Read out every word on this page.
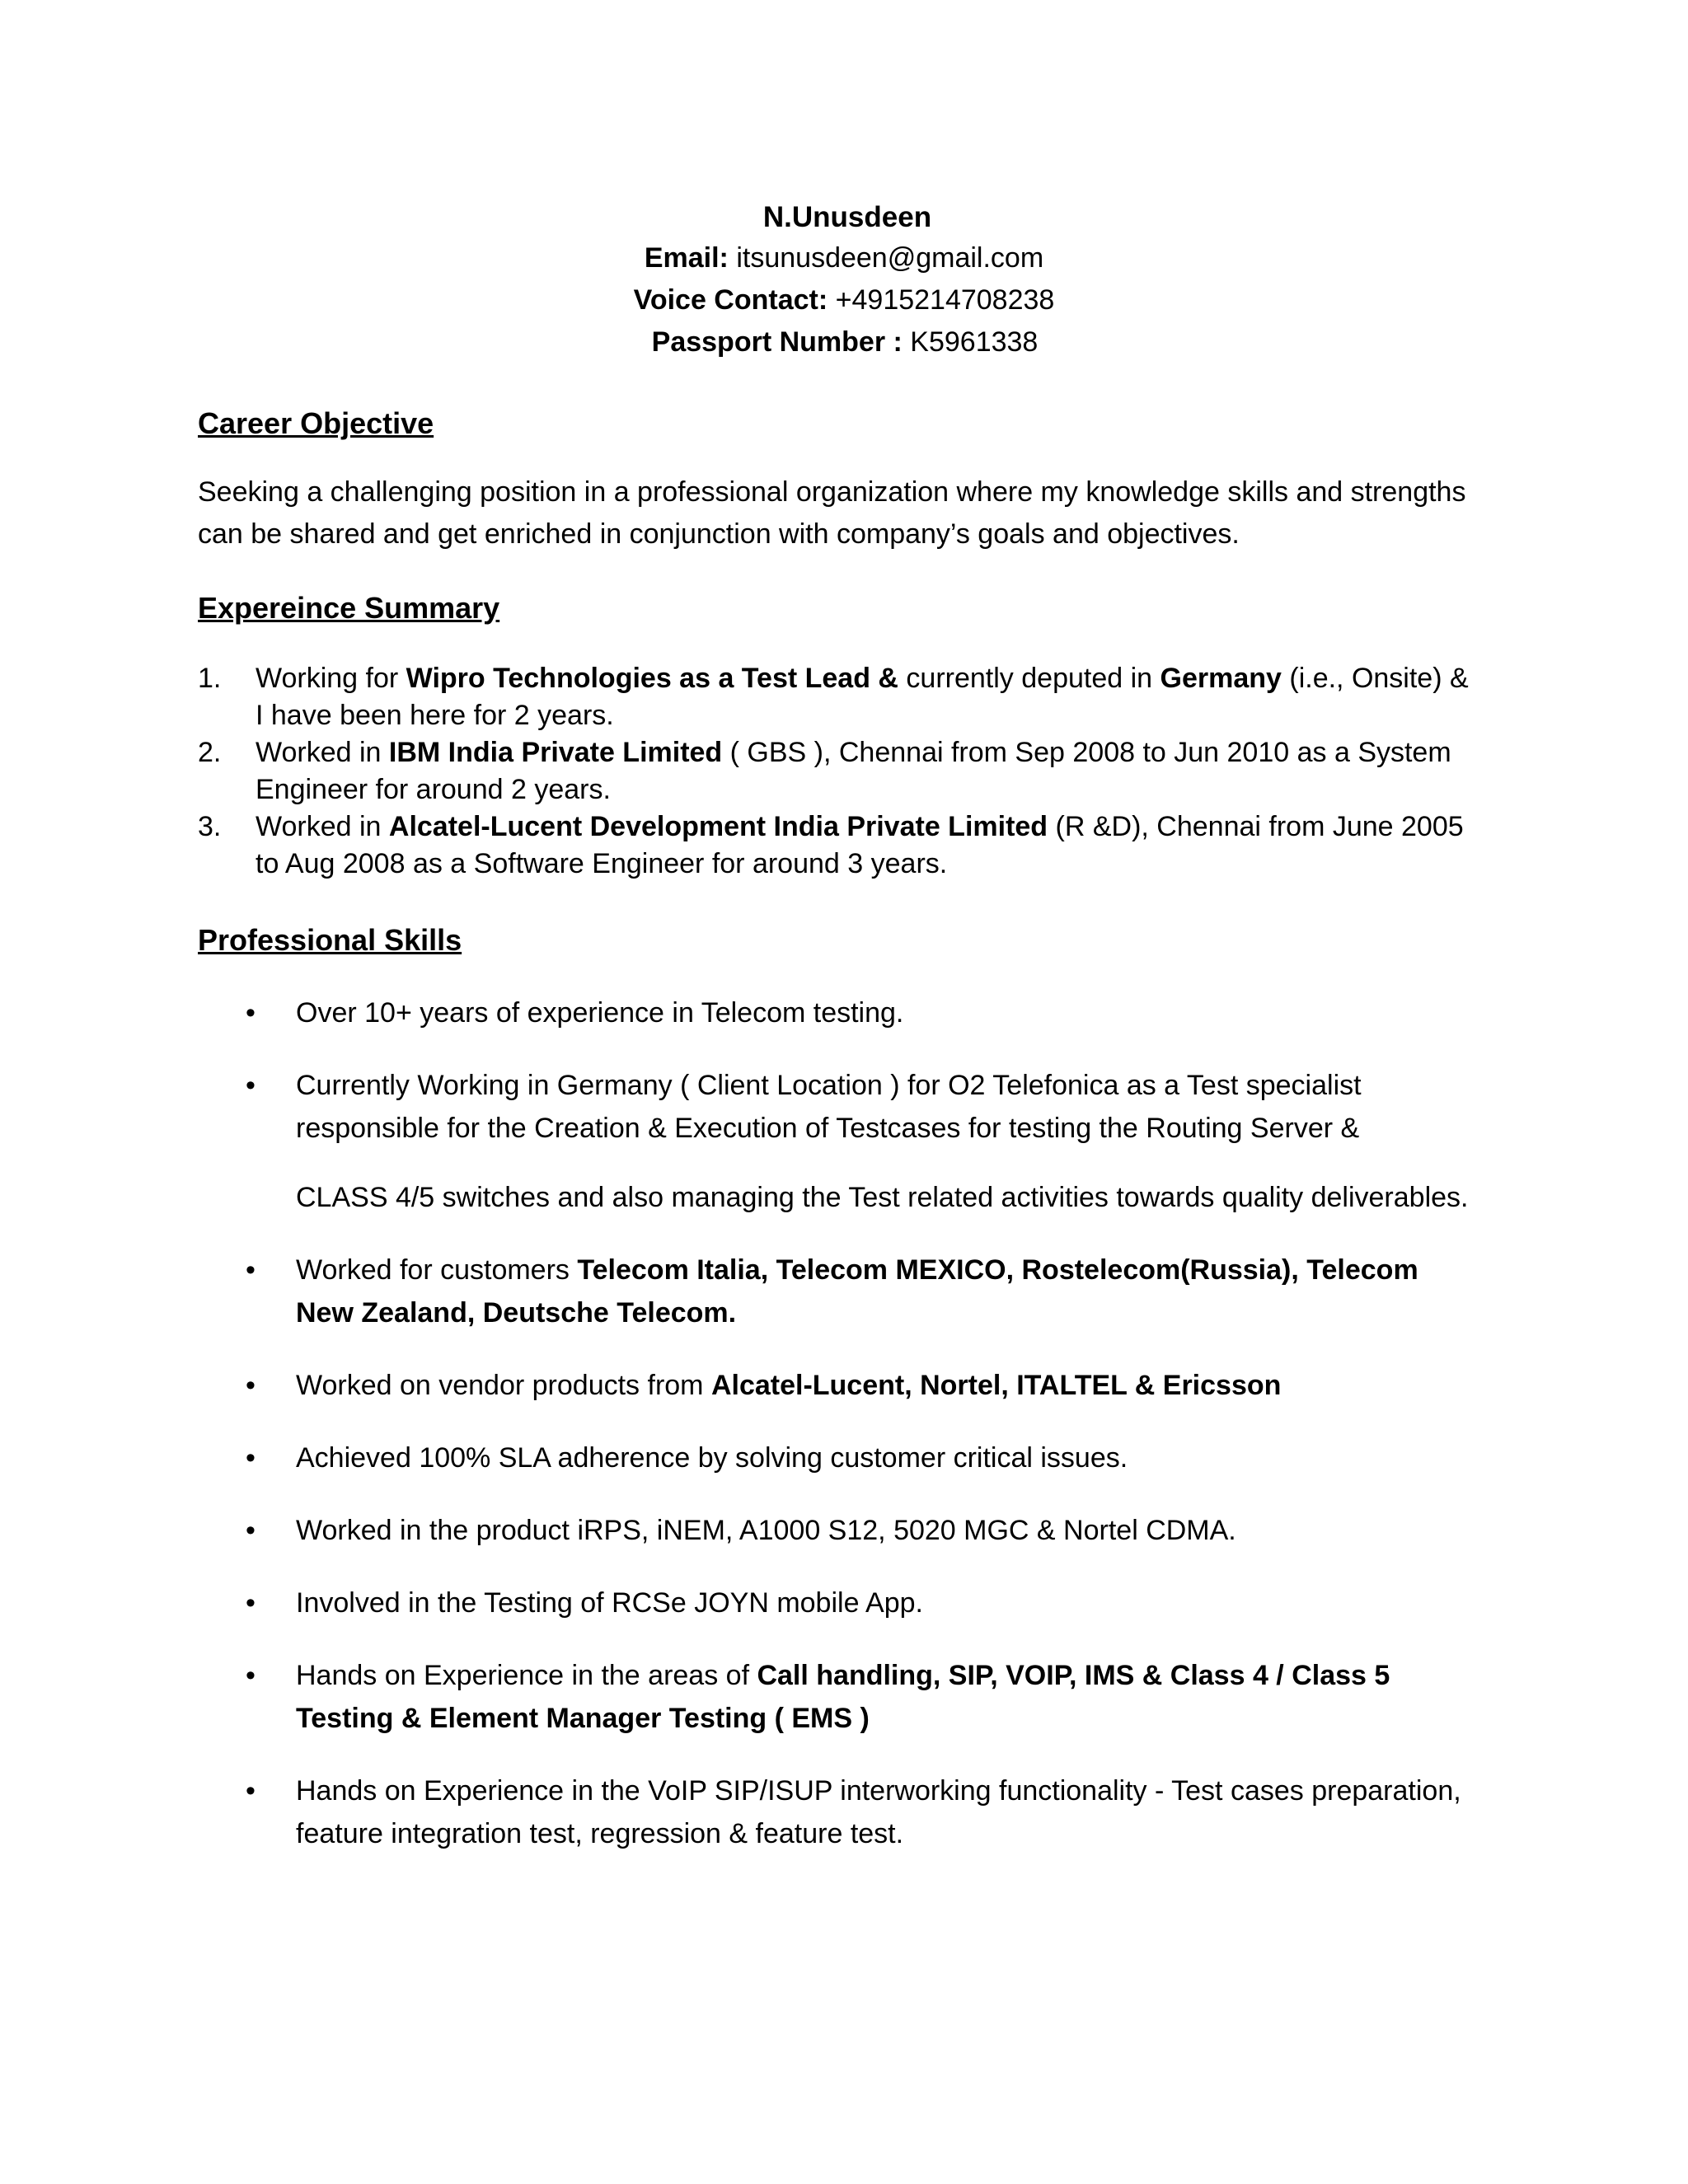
N.Unusdeen
Email: itsunusdeen@gmail.com
Voice Contact: +4915214708238
Passport Number : K5961338
Career Objective

Seeking a challenging position in a professional organization where my knowledge skills and strengths can be shared and get enriched in conjunction with company’s goals and objectives.

Expereince Summary
1. Working for Wipro Technologies as a Test Lead & currently deputed in Germany (i.e., Onsite) & I have been here for 2 years.
2. Worked in IBM India Private Limited ( GBS ), Chennai from Sep 2008 to Jun 2010 as a System Engineer for around 2 years.
3. Worked in Alcatel-Lucent Development India Private Limited (R &D), Chennai from June 2005 to Aug 2008 as a Software Engineer for around 3 years.
Professional Skills
• Over 10+ years of experience in Telecom testing.
• Currently Working in Germany ( Client Location ) for O2 Telefonica as a Test specialist responsible for the Creation & Execution of Testcases for testing the Routing Server &
CLASS 4/5 switches and also managing the Test related activities towards quality deliverables.
• Worked for customers Telecom Italia, Telecom MEXICO, Rostelecom(Russia), Telecom New Zealand, Deutsche Telecom.
• Worked on vendor products from Alcatel-Lucent, Nortel, ITALTEL & Ericsson
• Achieved 100% SLA adherence by solving customer critical issues.
• Worked in the product iRPS, iNEM, A1000 S12, 5020 MGC & Nortel CDMA.
• Involved in the Testing of RCSe JOYN mobile App.
• Hands on Experience in the areas of Call handling, SIP, VOIP, IMS & Class 4 / Class 5 Testing & Element Manager Testing ( EMS )
• Hands on Experience in the VoIP SIP/ISUP interworking functionality - Test cases preparation, feature integration test, regression & feature test.
